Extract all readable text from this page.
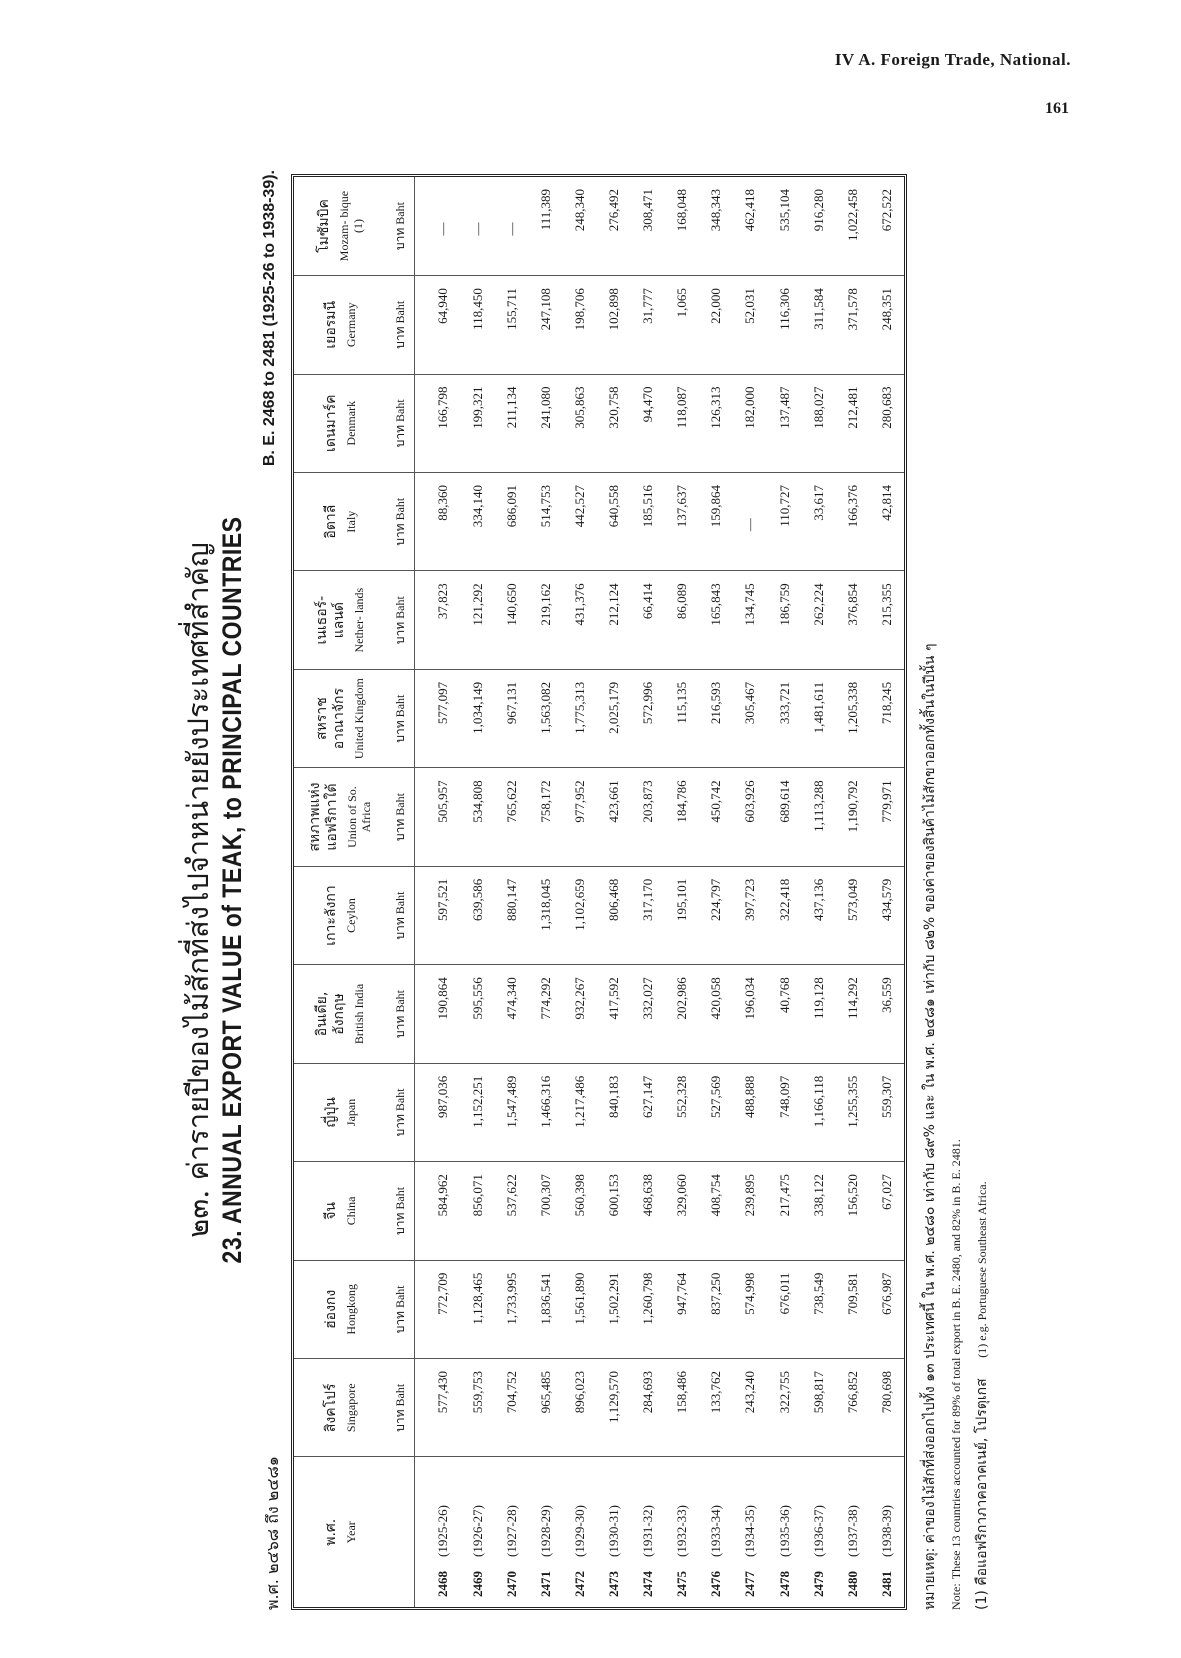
IV A. Foreign Trade, National.
161
๒๓. ค่ารายปีของไม้สักที่ส่งไปจำหน่ายยังประเทศที่สำคัญ 23. ANNUAL EXPORT VALUE of TEAK, to PRINCIPAL COUNTRIES
พ.ศ. ๒๔๖๘ ถึง ๒๔๘๑
B. E. 2468 to 2481 (1925-26 to 1938-39).
พ.ศ. Year	สิงคโปร์ Singapore	ฮ่องกง Hongkong	จีน China	ญี่ปุ่น Japan	อินเดีย, อังกฤษ British India	เกาะลังกา Ceylon	สหภาพแห่ง แอฟริกาใต้ Union of So. Africa	สหราช อาณาจักร United Kingdom	เนเธอร์- แลนด์ Nether- lands	อิตาลี Italy	เดนมาร์ค Denmark	เยอรมนี Germany	โมซัมบิค Mozam- bique (1)

	บาท Baht	บาท Baht	บาท Baht	บาท Baht	บาท Baht	บาท Baht	บาท Baht	บาท Baht	บาท Baht	บาท Baht	บาท Baht	บาท Baht	บาท Baht
2468(1925-26)	577,430	772,709	584,962	987,036	190,864	597,521	505,957	577,097	37,823	88,360	166,798	64,940	—
2469(1926-27)	559,753	1,128,465	856,071	1,152,251	595,556	639,586	534,808	1,034,149	121,292	334,140	199,321	118,450	—
2470(1927-28)	704,752	1,733,995	537,622	1,547,489	474,340	880,147	765,622	967,131	140,650	686,091	211,134	155,711	—
2471(1928-29)	965,485	1,836,541	700,307	1,466,316	774,292	1,318,045	758,172	1,563,082	219,162	514,753	241,080	247,108	111,389
2472(1929-30)	896,023	1,561,890	560,398	1,217,486	932,267	1,102,659	977,952	1,775,313	431,376	442,527	305,863	198,706	248,340
2473(1930-31)	1,129,570	1,502,291	600,153	840,183	417,592	806,468	423,661	2,025,179	212,124	640,558	320,758	102,898	276,492
2474(1931-32)	284,693	1,260,798	468,638	627,147	332,027	317,170	203,873	572,996	66,414	185,516	94,470	31,777	308,471
2475(1932-33)	158,486	947,764	329,060	552,328	202,986	195,101	184,786	115,135	86,089	137,637	118,087	1,065	168,048
2476(1933-34)	133,762	837,250	408,754	527,569	420,058	224,797	450,742	216,593	165,843	159,864	126,313	22,000	348,343
2477(1934-35)	243,240	574,998	239,895	488,888	196,034	397,723	603,926	305,467	134,745	—	182,000	52,031	462,418
2478(1935-36)	322,755	676,011	217,475	748,097	40,768	322,418	689,614	333,721	186,759	110,727	137,487	116,306	535,104
2479(1936-37)	598,817	738,549	338,122	1,166,118	119,128	437,136	1,113,288	1,481,611	262,224	33,617	188,027	311,584	916,280
2480(1937-38)	766,852	709,581	156,520	1,255,355	114,292	573,049	1,190,792	1,205,338	376,854	166,376	212,481	371,578	1,022,458
2481(1938-39)	780,698	676,987	67,027	559,307	36,559	434,579	779,971	718,245	215,355	42,814	280,683	248,351	672,522
หมายเหตุ: ค่าของไม้สักที่ส่งออกไปทั้ง ๑๓ ประเทศนี้ ใน พ.ศ. ๒๔๘๐ เท่ากับ ๘๙% และ ใน พ.ศ. ๒๔๘๑ เท่ากับ ๘๒% ของค่าของสินค้าไม้สักขาออกทั้งสิ้นในปีนั้น ๆ
Note: These 13 countries accounted for 89% of total export in B. E. 2480, and 82% in B. E. 2481. (1) คือแอฟริกาภาคอาคเนย์, โปรตุเกส     (1) e.g. Portuguese Southeast Africa.
